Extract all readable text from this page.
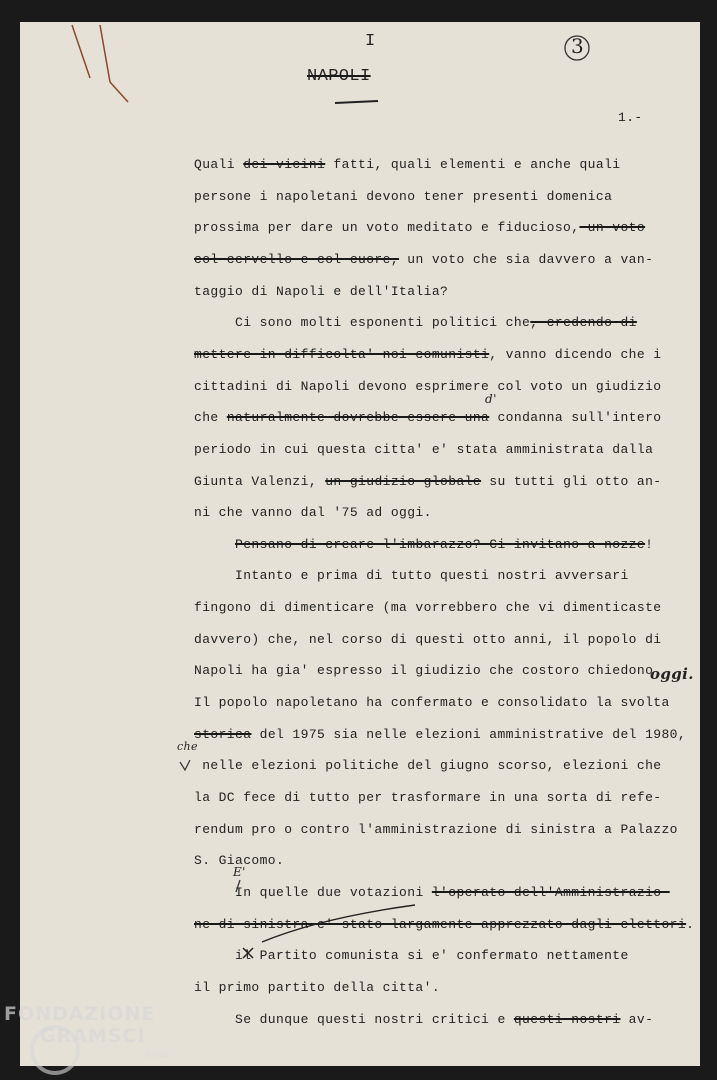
I
NAPOLI
3
1.-
Quali dei vicini fatti, quali elementi e anche quali
persone i napoletani devono tener presenti domenica
prossima per dare un voto meditato e fiducioso, un voto
col cervello e col cuore, un voto che sia davvero a van-
taggio di Napoli e dell'Italia?
Ci sono molti esponenti politici che, credendo di
mettere in difficolta' noi comunisti, vanno dicendo che i
cittadini di Napoli devono esprimere col voto un giudizio
che naturalmente dovrebbe essere una condanna sull'intero
periodo in cui questa citta' e' stata amministrata dalla
Giunta Valenzi, un giudizio globale su tutti gli otto an-
ni che vanno dal '75 ad oggi.
Pensano di creare l'imbarazzo? Ci invitano a nozze!
Intanto e prima di tutto questi nostri avversari
fingono di dimenticare (ma vorrebbero che vi dimenticaste
davvero) che, nel corso di questi otto anni, il popolo di
Napoli ha gia' espresso il giudizio che costoro chiedono
Il popolo napoletano ha confermato e consolidato la svolta
storica del 1975 sia nelle elezioni amministrative del 1980,
nelle elezioni politiche del giugno scorso, elezioni che
la DC fece di tutto per trasformare in una sorta di refe-
rendum pro o contro l'amministrazione di sinistra a Palazzo
S. Giacomo.
In quelle due votazioni l'operato dell'Amministrazio-
ne di sinistra e' stato largamente apprezzato dagli elettori.
il Partito comunista si e' confermato nettamente
il primo partito della citta'.
Se dunque questi nostri critici e questi nostri av-
oggi.
che
d'
E'
FONDAZIONE
GRAMSCI
onlus
